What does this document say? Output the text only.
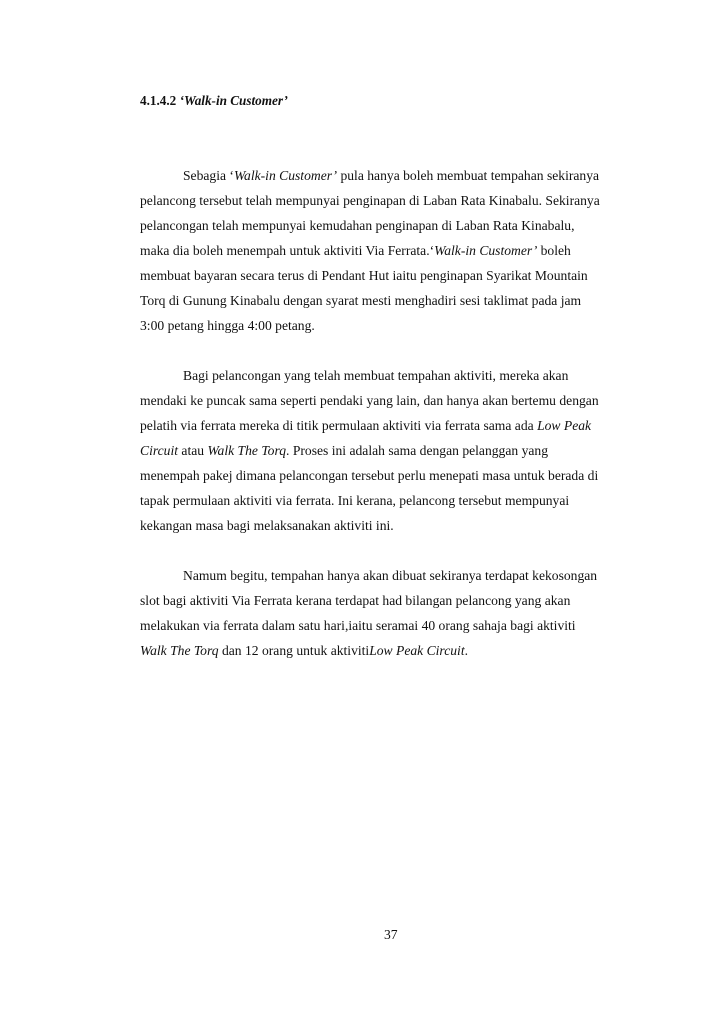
4.1.4.2 ‘Walk-in Customer’
Sebagia ‘Walk-in Customer’ pula hanya boleh membuat tempahan sekiranya
pelancong tersebut telah mempunyai penginapan di Laban Rata Kinabalu. Sekiranya
pelancongan telah mempunyai kemudahan penginapan di Laban Rata Kinabalu,
maka dia boleh menempah untuk aktiviti Via Ferrata.‘Walk-in Customer’ boleh
membuat bayaran secara terus di Pendant Hut iaitu penginapan Syarikat Mountain
Torq di Gunung Kinabalu dengan syarat mesti menghadiri sesi taklimat pada jam
3:00 petang hingga 4:00 petang.
Bagi pelancongan yang telah membuat tempahan aktiviti, mereka akan
mendaki ke puncak sama seperti pendaki yang lain, dan hanya akan bertemu dengan
pelatih via ferrata mereka di titik permulaan aktiviti via ferrata sama ada Low Peak
Circuit atau Walk The Torq. Proses ini adalah sama dengan pelanggan yang
menempah pakej dimana pelancongan tersebut perlu menepati masa untuk berada di
tapak permulaan aktiviti via ferrata. Ini kerana, pelancong tersebut mempunyai
kekangan masa bagi melaksanakan aktiviti ini.
Namum begitu, tempahan hanya akan dibuat sekiranya terdapat kekosongan
slot bagi aktiviti Via Ferrata kerana terdapat had bilangan pelancong yang akan
melakukan via ferrata dalam satu hari,iaitu seramai 40 orang sahaja bagi aktiviti
Walk The Torq dan 12 orang untuk aktivitiLow Peak Circuit.
37
